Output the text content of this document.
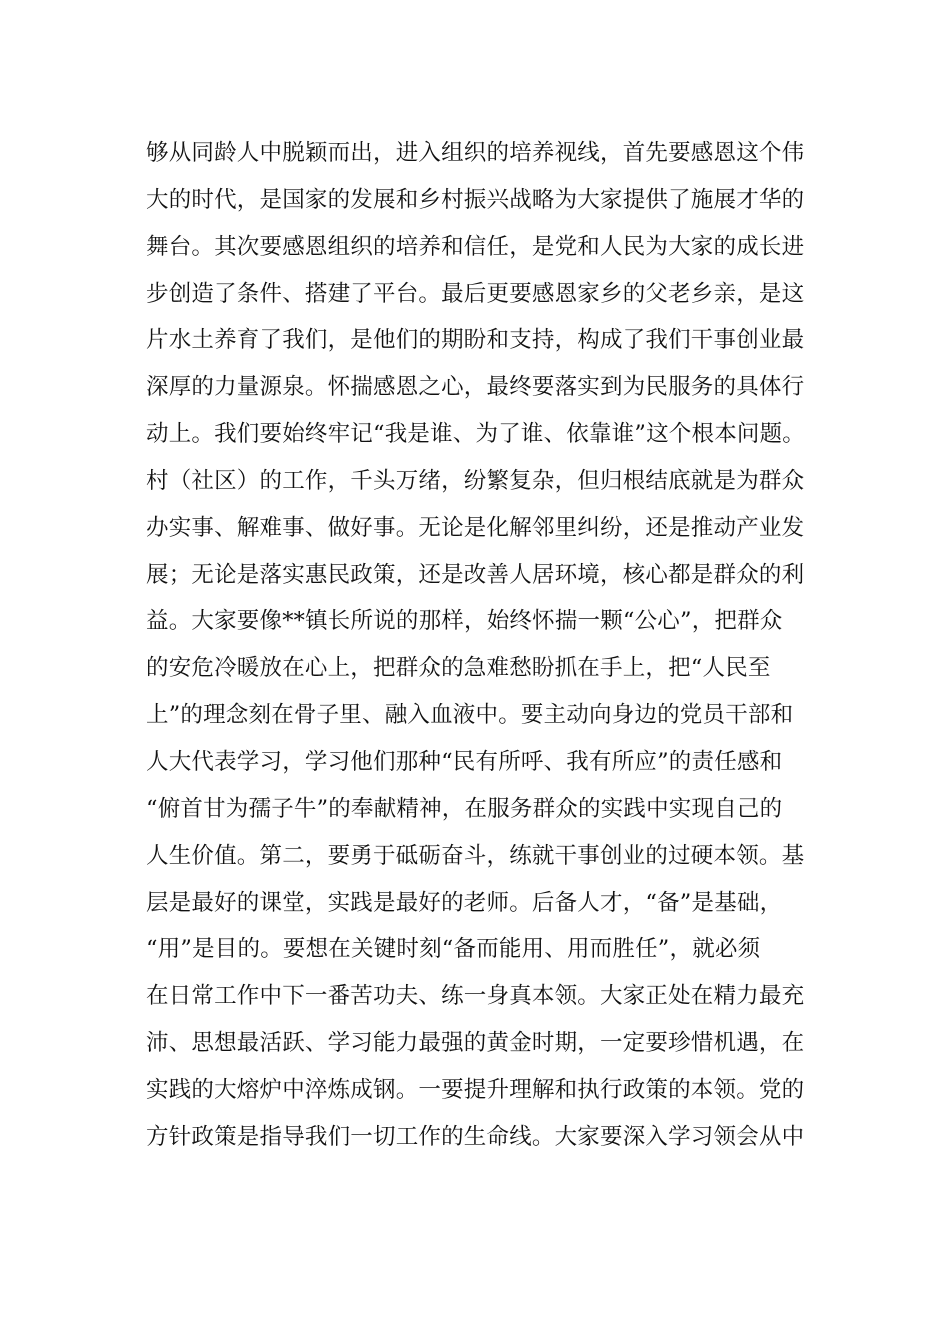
够从同龄人中脱颖而出，进入组织的培养视线，首先要感恩这个伟
大的时代，是国家的发展和乡村振兴战略为大家提供了施展才华的
舞台。其次要感恩组织的培养和信任，是党和人民为大家的成长进
步创造了条件、搭建了平台。最后更要感恩家乡的父老乡亲，是这
片水土养育了我们，是他们的期盼和支持，构成了我们干事创业最
深厚的力量源泉。怀揣感恩之心，最终要落实到为民服务的具体行
动上。我们要始终牢记“我是谁、为了谁、依靠谁”这个根本问题。
村（社区）的工作，千头万绪，纷繁复杂，但归根结底就是为群众
办实事、解难事、做好事。无论是化解邻里纠纷，还是推动产业发
展；无论是落实惠民政策，还是改善人居环境，核心都是群众的利
益。大家要像**镇长所说的那样，始终怀揣一颗“公心”，把群众
的安危冷暖放在心上，把群众的急难愁盼抓在手上，把“人民至
上”的理念刻在骨子里、融入血液中。要主动向身边的党员干部和
人大代表学习，学习他们那种“民有所呼、我有所应”的责任感和
“俯首甘为孺子牛”的奉献精神，在服务群众的实践中实现自己的
人生价值。第二，要勇于砥砺奋斗，练就干事创业的过硬本领。基
层是最好的课堂，实践是最好的老师。后备人才，“备”是基础，
“用”是目的。要想在关键时刻“备而能用、用而胜任”，就必须
在日常工作中下一番苦功夫、练一身真本领。大家正处在精力最充
沛、思想最活跃、学习能力最强的黄金时期，一定要珍惜机遇，在
实践的大熔炉中淬炼成钢。一要提升理解和执行政策的本领。党的
方针政策是指导我们一切工作的生命线。大家要深入学习领会从中
